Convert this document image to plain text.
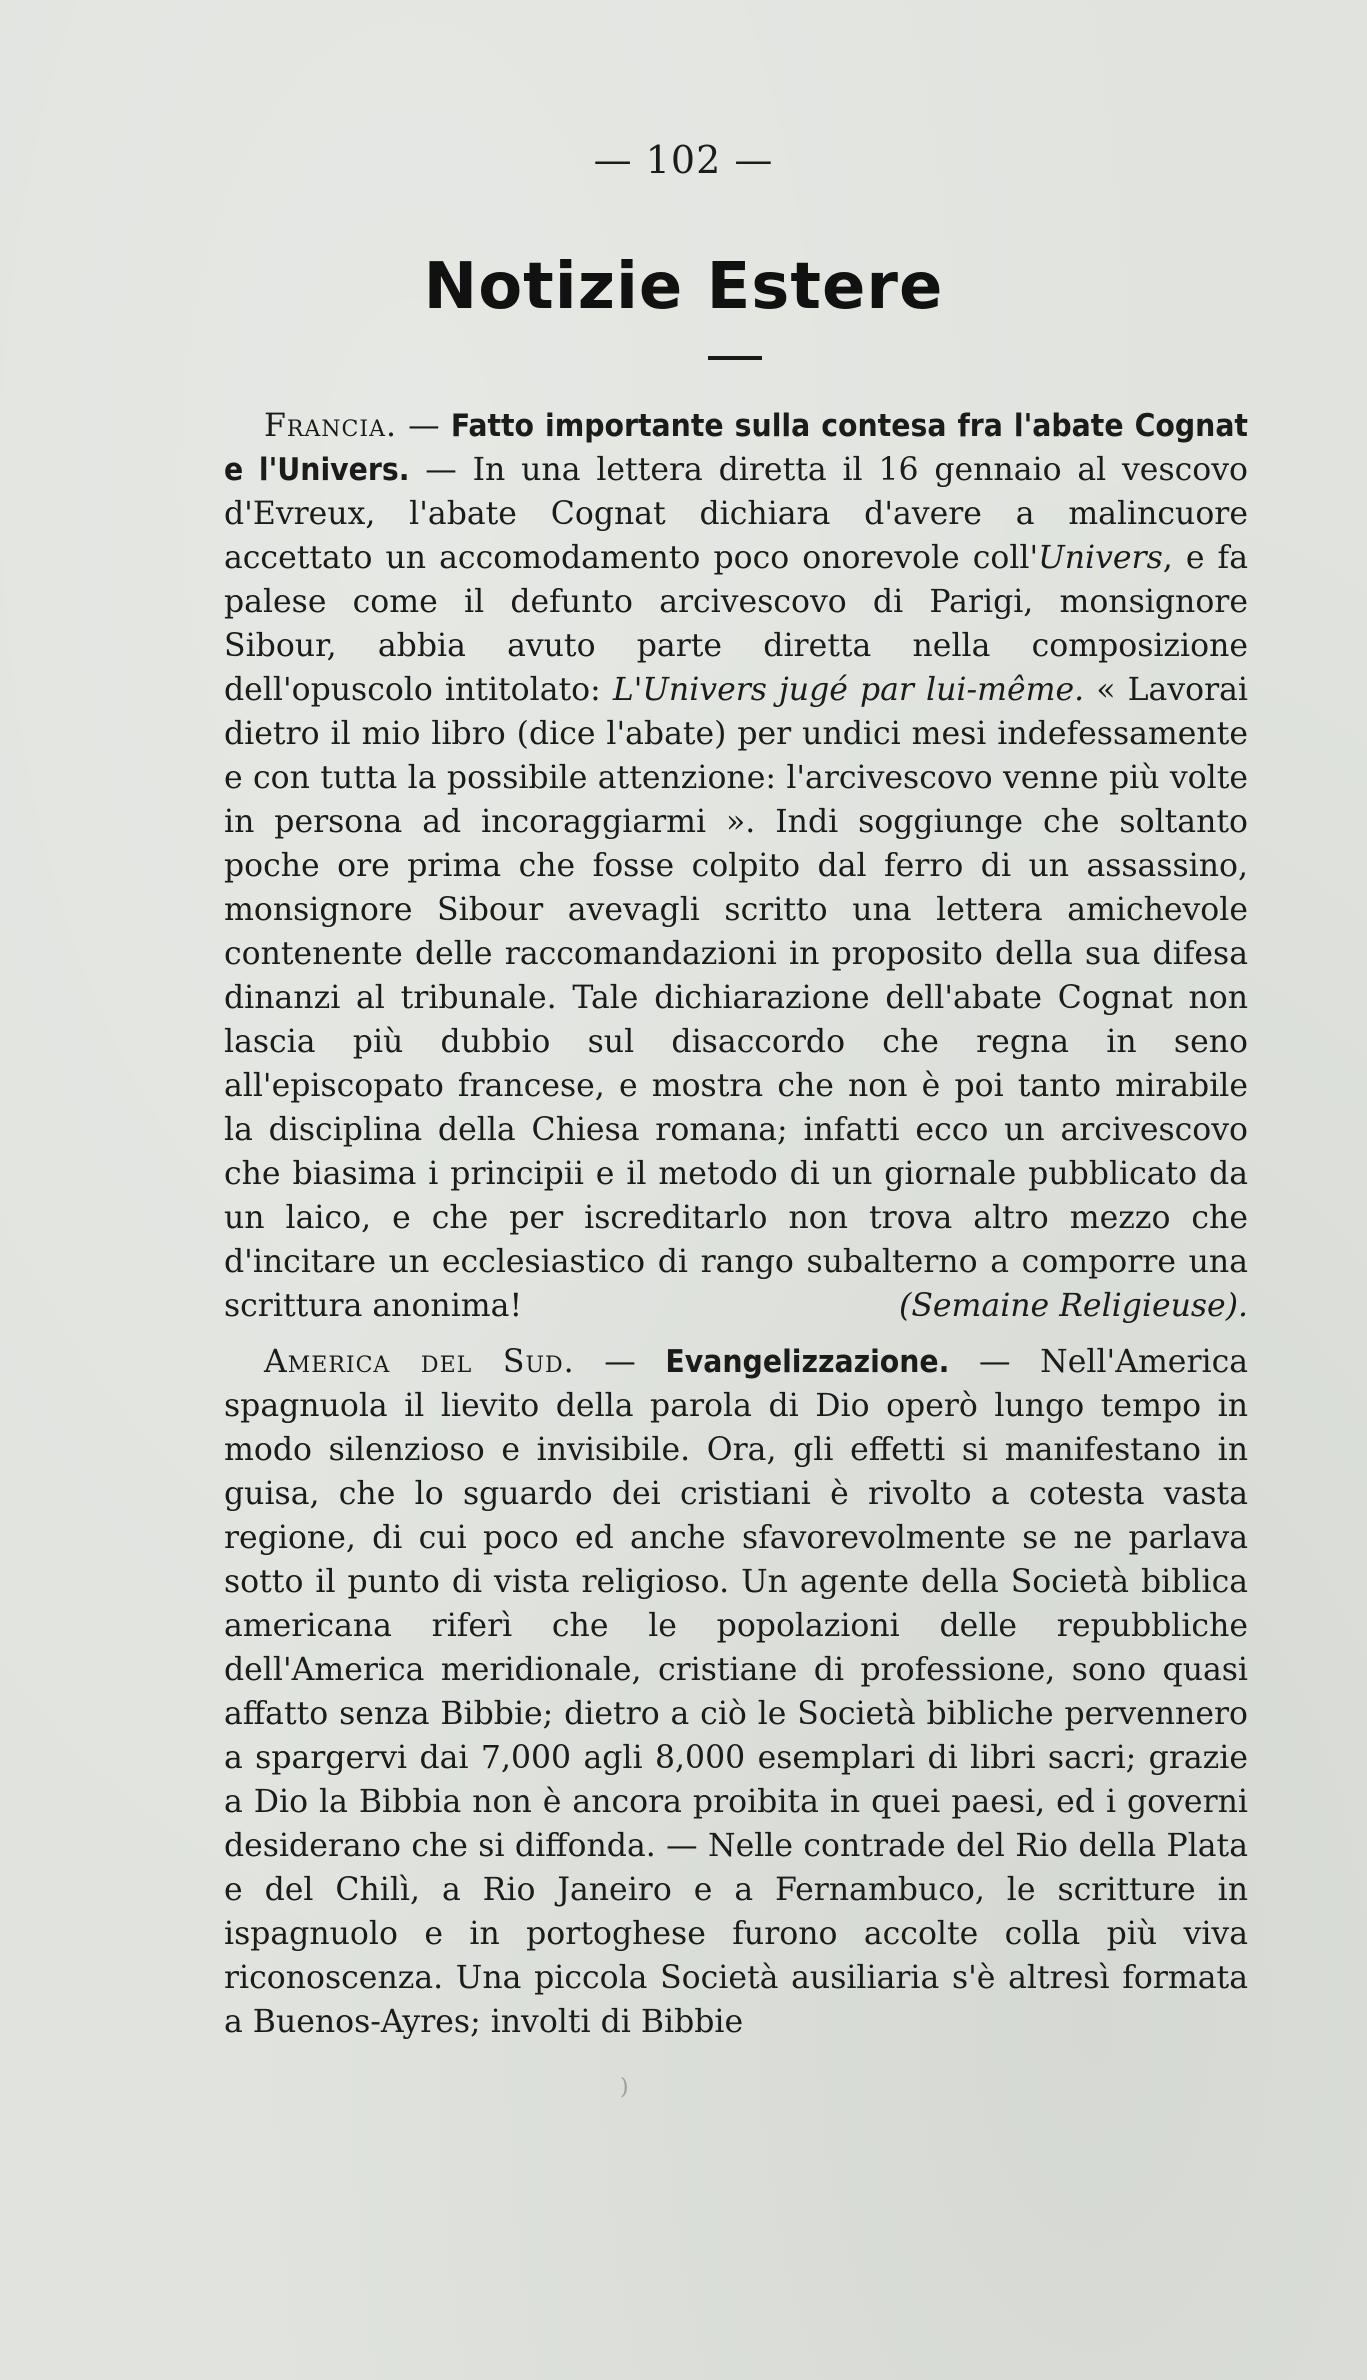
— 102 —
Notizie Estere

Francia. — Fatto importante sulla contesa fra l'abate Cognat e l'Univers. — In una lettera diretta il 16 gennaio al vescovo d'Evreux, l'abate Cognat dichiara d'avere a malincuore accettato un accomodamento poco onorevole coll'Univers, e fa palese come il defunto arcivescovo di Parigi, monsignore Sibour, abbia avuto parte diretta nella composizione dell'opuscolo intitolato: L'Univers jugé par lui-même. « Lavorai dietro il mio libro (dice l'abate) per undici mesi indefessamente e con tutta la possibile attenzione: l'arcivescovo venne più volte in persona ad incoraggiarmi ». Indi soggiunge che soltanto poche ore prima che fosse colpito dal ferro di un assassino, monsignore Sibour avevagli scritto una lettera amichevole contenente delle raccomandazioni in proposito della sua difesa dinanzi al tribunale. Tale dichiarazione dell'abate Cognat non lascia più dubbio sul disaccordo che regna in seno all'episcopato francese, e mostra che non è poi tanto mirabile la disciplina della Chiesa romana; infatti ecco un arcivescovo che biasima i principii e il metodo di un giornale pubblicato da un laico, e che per iscreditarlo non trova altro mezzo che d'incitare un ecclesiastico di rango subalterno a comporre una scrittura anonima!	(Semaine Religieuse).

America del Sud. — Evangelizzazione. — Nell'America spagnuola il lievito della parola di Dio operò lungo tempo in modo silenzioso e invisibile. Ora, gli effetti si manifestano in guisa, che lo sguardo dei cristiani è rivolto a cotesta vasta regione, di cui poco ed anche sfavorevolmente se ne parlava sotto il punto di vista religioso. Un agente della Società biblica americana riferì che le popolazioni delle repubbliche dell'America meridionale, cristiane di professione, sono quasi affatto senza Bibbie; dietro a ciò le Società bibliche pervennero a spargervi dai 7,000 agli 8,000 esemplari di libri sacri; grazie a Dio la Bibbia non è ancora proibita in quei paesi, ed i governi desiderano che si diffonda. — Nelle contrade del Rio della Plata e del Chilì, a Rio Janeiro e a Fernambuco, le scritture in ispagnuolo e in portoghese furono accolte colla più viva riconoscenza. Una piccola Società ausiliaria s'è altresì formata a Buenos-Ayres; involti di Bibbie

)
